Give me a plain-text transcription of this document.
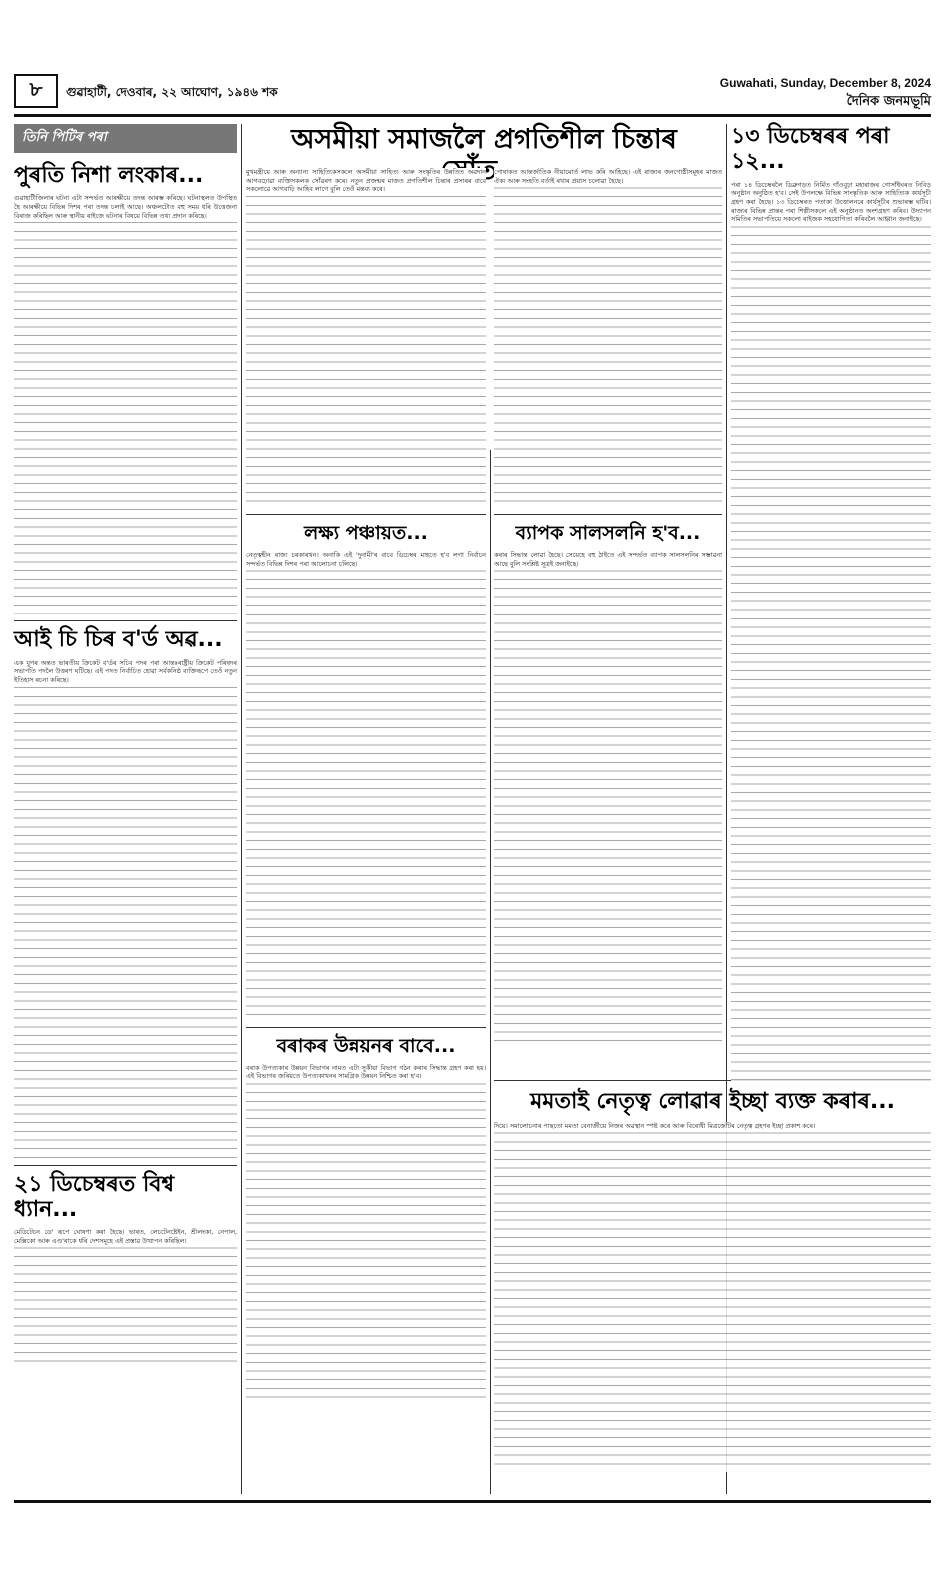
৮	গুৱাহাটী, দেওবাৰ, ২২ আঘোণ, ১৯৪৬ শক
Guwahati, Sunday, December 8, 2024
দৈনিক জনমভূমি
তিনি পিটিৰ পৰা
পুৰতি নিশা লংকাৰ...

গুৱাহাটীজিলাৰ ঘটনা এটা সন্দৰ্ভত আৰক্ষীয়ে তদন্ত আৰম্ভ কৰিছে। ঘটনাস্থলত উপস্থিত হৈ আৰক্ষীয়ে বিভিন্ন দিশৰ পৰা তদন্ত চলাই আছে। অঞ্চলটোত বহু সময় ধৰি উত্তেজনা বিৰাজ কৰিছিল আৰু স্থানীয় ৰাইজে ঘটনাৰ বিষয়ে বিভিন্ন তথ্য প্ৰদান কৰিছে।

আই চি চিৰ ব'ৰ্ড অৱ...

এক যুগৰ অন্তত ভাৰতীয় ক্ৰিকেট ব'ৰ্ডৰ সচিব পদৰ পৰা আন্তঃৰাষ্ট্ৰীয় ক্ৰিকেট পৰিষদৰ সভাপতি পদলৈ উত্তৰণ ঘটিছে। এই পদত নিৰ্বাচিত হোৱা সৰ্বকনিষ্ঠ ব্যক্তিৰূপে তেওঁ নতুন ইতিহাস ৰচনা কৰিছে।

২১ ডিচেম্বৰত বিশ্ব ধ্যান...

মেডিটেচন ডে' ৰূপে ঘোষণা কৰা হৈছে। ভাৰত, লেচটেনষ্টেইন, শ্ৰীলংকা, নেপাল, মেক্সিকো আৰু এণ্ড'ৰাকে ধৰি দেশসমূহে এই প্ৰস্তাৱ উত্থাপন কৰিছিল।

অসমীয়া সমাজলৈ প্ৰগতিশীল চিন্তাৰ

মুখমন্ত্ৰীয়ে আৰু অন্যান্য সাহিত্যিকসকলে অসমীয়া সাহিত্য আৰু সংস্কৃতিৰ উন্নতিত অৱদান আগবঢ়োৱা ব্যক্তিসকলক সোঁৱৰণ কৰে। নতুন প্ৰজন্মৰ মাজত প্ৰগতিশীল চিন্তাৰ প্ৰসাৰৰ বাবে সকলোৱে আগবাঢ়ি আহিব লাগে বুলি তেওঁ মন্তব্য কৰে।

লক্ষ্য পঞ্চায়ত...

নেতৃত্বহীন ৰাজ্য চৰকাৰখন। অনাকি এই 'দুনামী'ৰ বাবে ডিচেম্বৰ মাহতে হ'ব লগা নিৰ্বাচন সন্দৰ্ভত বিভিন্ন দিশৰ পৰা আলোচনা চলিছে।

বৰাকৰ উন্নয়নৰ বাবে...

বৰাক উপত্যকাৰ উন্নয়ন বিভাগৰ নামত এটা সুকীয়া বিভাগ গঠন কৰাৰ সিদ্ধান্ত গ্ৰহণ কৰা হয়। এই বিভাগৰ জৰিয়তে উপত্যকাখনৰ সামগ্ৰিক উন্নয়ন নিশ্চিত কৰা হ'ব।

পোষাকত আন্তৰ্জাতিক নীয়ামোৰ্ত লাভ কৰি আহিছে। এই ৰাজ্যৰ জনগোষ্ঠীসমূহৰ মাজত ঐক্য আৰু সংহতি বৰ্তাই ৰখাৰ প্ৰয়াস চলোৱা হৈছে।

ব্যাপক সালসলনি হ'ব...

কৰাৰ সিদ্ধান্ত লোৱা হৈছে। সেয়েহে বহু ঠাইতে এই সন্দৰ্ভত ব্যাপক সালসলনিৰ সম্ভাৱনা আছে বুলি সংশ্লিষ্ট সূত্ৰই জনাইছে।

মমতাই নেতৃত্ব লোৱাৰ ইচ্ছা ব্যক্ত কৰাৰ...

দিয়ে। সমালোচনাৰ পাছতো মমতা বেনাৰ্জীয়ে নিজৰ অৱস্থান স্পষ্ট কৰে আৰু বিৰোধী মিত্ৰজোঁটৰ নেতৃত্ব গ্ৰহণৰ ইচ্ছা প্ৰকাশ কৰে।

১৩ ডিচেম্বৰৰ পৰা ১২...

পৰা ১৪ ডিচেম্বৰলৈ ডিব্ৰুগড়ত নিৰ্মিত গাঁওবুঢ়া মহাৰাজৰ গোসাঁইঘৰত নিবিড় অনুষ্ঠান অনুষ্ঠিত হ'ব। সেই উপলক্ষে বিভিন্ন সাংস্কৃতিক আৰু সাহিত্যিক কাৰ্যসূচী গ্ৰহণ কৰা হৈছে। ১৩ ডিচেম্বৰত পতাকা উত্তোলনৰে কাৰ্যসূচীৰ শুভাৰম্ভ ঘটিব। ৰাজ্যৰ বিভিন্ন প্ৰান্তৰ পৰা শিল্পীসকলে এই অনুষ্ঠানত অংশগ্ৰহণ কৰিব। উদ্যাপন সমিতিৰ সভাপতিয়ে সকলো ৰাইজক সহযোগিতা কৰিবলৈ আহ্বান জনাইছে।
